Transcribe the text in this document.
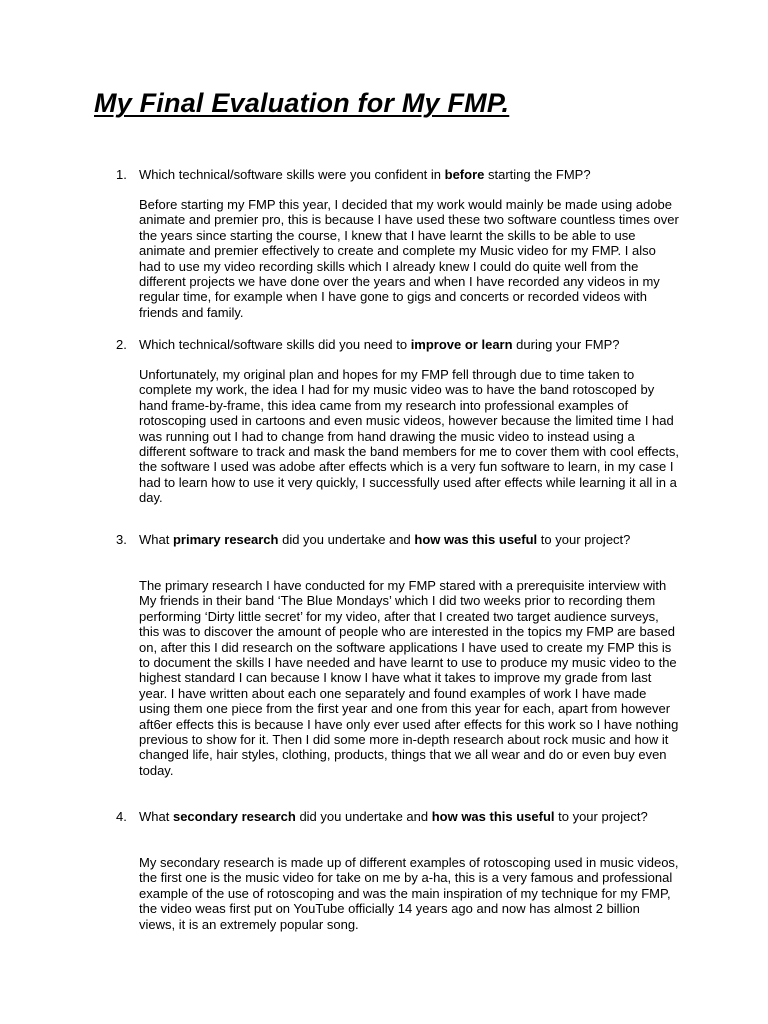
My Final Evaluation for My FMP.
1. Which technical/software skills were you confident in before starting the FMP?

Before starting my FMP this year, I decided that my work would mainly be made using adobe animate and premier pro, this is because I have used these two software countless times over the years since starting the course, I knew that I have learnt the skills to be able to use animate and premier effectively to create and complete my Music video for my FMP. I also had to use my video recording skills which I already knew I could do quite well from the different projects we have done over the years and when I have recorded any videos in my regular time, for example when I have gone to gigs and concerts or recorded videos with friends and family.

2. Which technical/software skills did you need to improve or learn during your FMP?

Unfortunately, my original plan and hopes for my FMP fell through due to time taken to complete my work, the idea I had for my music video was to have the band rotoscoped by hand frame-by-frame, this idea came from my research into professional examples of rotoscoping used in cartoons and even music videos, however because the limited time I had was running out I had to change from hand drawing the music video to instead using a different software to track and mask the band members for me to cover them with cool effects, the software I used was adobe after effects which is a very fun software to learn, in my case I had to learn how to use it very quickly, I successfully used after effects while learning it all in a day.

3. What primary research did you undertake and how was this useful to your project?

The primary research I have conducted for my FMP stared with a prerequisite interview with My friends in their band ‘The Blue Mondays’ which I did two weeks prior to recording them performing ‘Dirty little secret’ for my video, after that I created two target audience surveys, this was to discover the amount of people who are interested in the topics my FMP are based on, after this I did research on the software applications I have used to create my FMP this is to document the skills I have needed and have learnt to use to produce my music video to the highest standard I can because I know I have what it takes to improve my grade from last year. I have written about each one separately and found examples of work I have made using them one piece from the first year and one from this year for each, apart from however aft6er effects this is because I have only ever used after effects for this work so I have nothing previous to show for it. Then I did some more in-depth research about rock music and how it changed life, hair styles, clothing, products, things that we all wear and do or even buy even today.

4. What secondary research did you undertake and how was this useful to your project?

My secondary research is made up of different examples of rotoscoping used in music videos, the first one is the music video for take on me by a-ha, this is a very famous and professional example of the use of rotoscoping and was the main inspiration of my technique for my FMP, the video weas first put on YouTube officially 14 years ago and now has almost 2 billion views, it is an extremely popular song.
